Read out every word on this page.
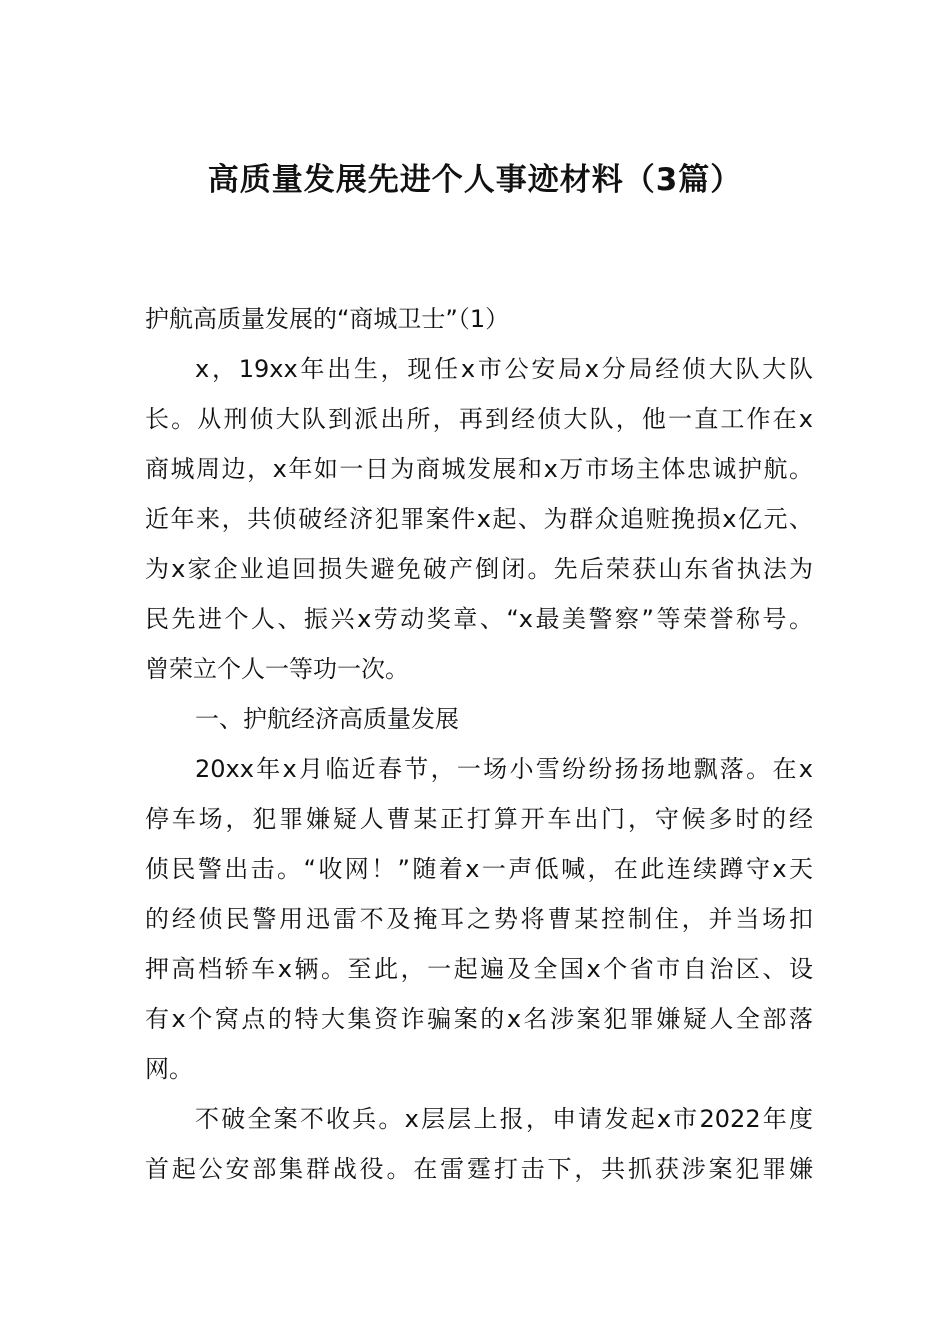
高质量发展先进个人事迹材料（3篇）

护航高质量发展的“商城卫士”（1）

x，19xx年出生，现任x市公安局x分局经侦大队大队

长。从刑侦大队到派出所，再到经侦大队，他一直工作在x

商城周边，x年如一日为商城发展和x万市场主体忠诚护航。

近年来，共侦破经济犯罪案件x起、为群众追赃挽损x亿元、

为x家企业追回损失避免破产倒闭。先后荣获山东省执法为

民先进个人、振兴x劳动奖章、“x最美警察”等荣誉称号。

曾荣立个人一等功一次。

一、护航经济高质量发展

20xx年x月临近春节，一场小雪纷纷扬扬地飘落。在x

停车场，犯罪嫌疑人曹某正打算开车出门，守候多时的经

侦民警出击。“收网！”随着x一声低喊，在此连续蹲守x天

的经侦民警用迅雷不及掩耳之势将曹某控制住，并当场扣

押高档轿车x辆。至此，一起遍及全国x个省市自治区、设

有x个窝点的特大集资诈骗案的x名涉案犯罪嫌疑人全部落

网。

不破全案不收兵。x层层上报，申请发起x市2022年度

首起公安部集群战役。在雷霆打击下，共抓获涉案犯罪嫌
